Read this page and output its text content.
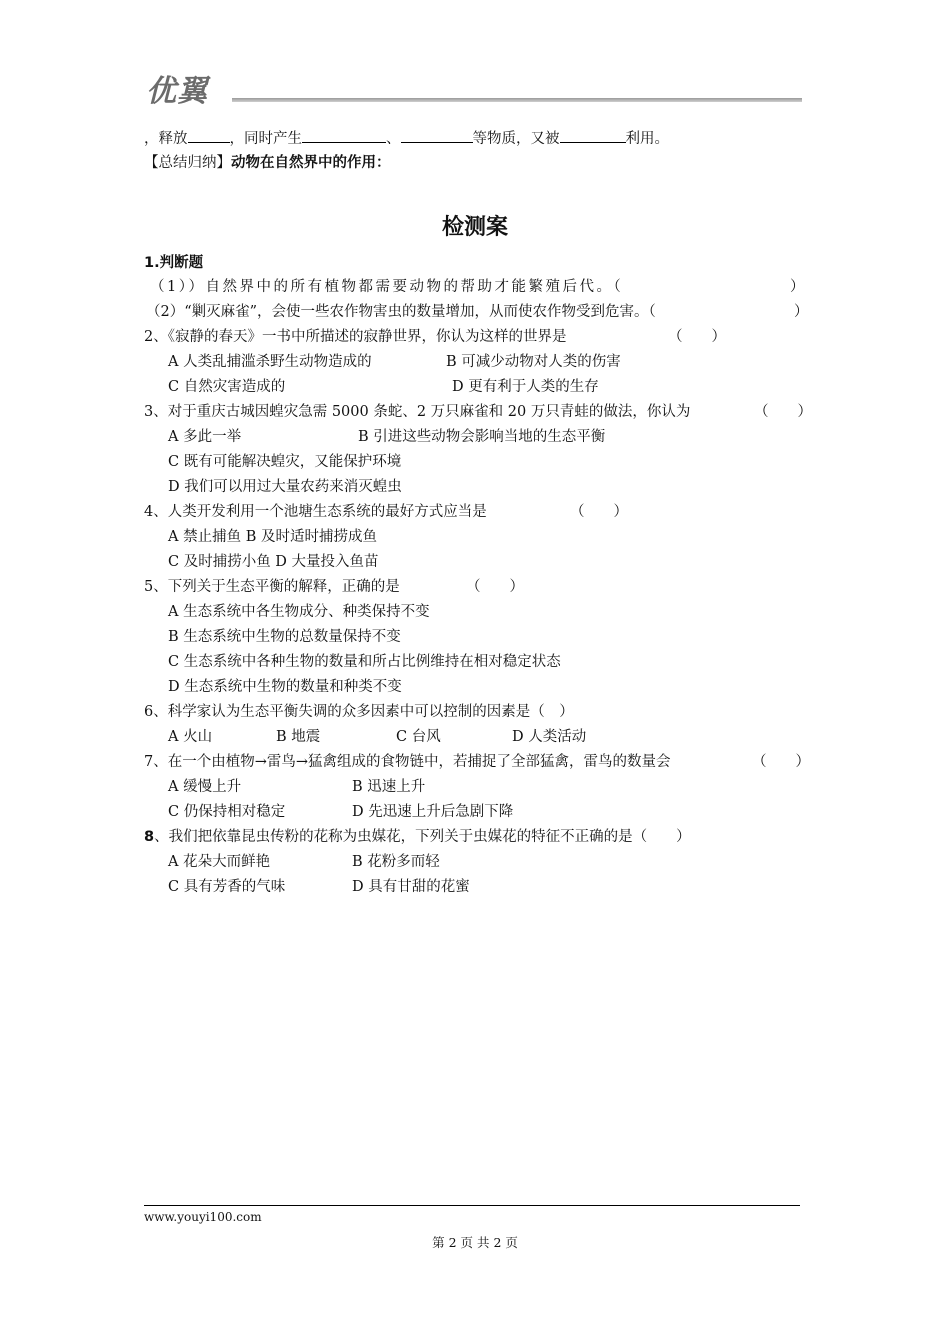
优翼
，释放	，同时产生	、	等物质，又被	利用。
【总结归纳】动物在自然界中的作用：
检测案
1.判断题
（1））自然界中的所有植物都需要动物的帮助才能繁殖后代。（	）
（2）“剿灭麻雀”，会使一些农作物害虫的数量增加，从而使农作物受到危害。（	）
2、《寂静的春天》一书中所描述的寂静世界，你认为这样的世界是	（　　）
A 人类乱捕滥杀野生动物造成的	B 可减少动物对人类的伤害
C 自然灾害造成的	D 更有利于人类的生存
3、对于重庆古城因蝗灾急需 5000 条蛇、2 万只麻雀和 20 万只青蛙的做法，你认为	（　　）
A 多此一举	B 引进这些动物会影响当地的生态平衡
C 既有可能解决蝗灾，又能保护环境
D 我们可以用过大量农药来消灭蝗虫
4、人类开发利用一个池塘生态系统的最好方式应当是	（　　）
A 禁止捕鱼 B 及时适时捕捞成鱼
C 及时捕捞小鱼 D 大量投入鱼苗
5、下列关于生态平衡的解释，正确的是	（　　）
A 生态系统中各生物成分、种类保持不变
B 生态系统中生物的总数量保持不变
C 生态系统中各种生物的数量和所占比例维持在相对稳定状态
D 生态系统中生物的数量和种类不变
6、科学家认为生态平衡失调的众多因素中可以控制的因素是（　）
A 火山	B 地震	C 台风	D 人类活动
7、在一个由植物→雷鸟→猛禽组成的食物链中，若捕捉了全部猛禽，雷鸟的数量会	（　　）
A 缓慢上升	B 迅速上升
C 仍保持相对稳定	D 先迅速上升后急剧下降
8、我们把依靠昆虫传粉的花称为虫媒花，下列关于虫媒花的特征不正确的是（　　）
A 花朵大而鲜艳	B 花粉多而轻
C 具有芳香的气味	D 具有甘甜的花蜜
www.youyi100.com
第 2 页 共 2 页
